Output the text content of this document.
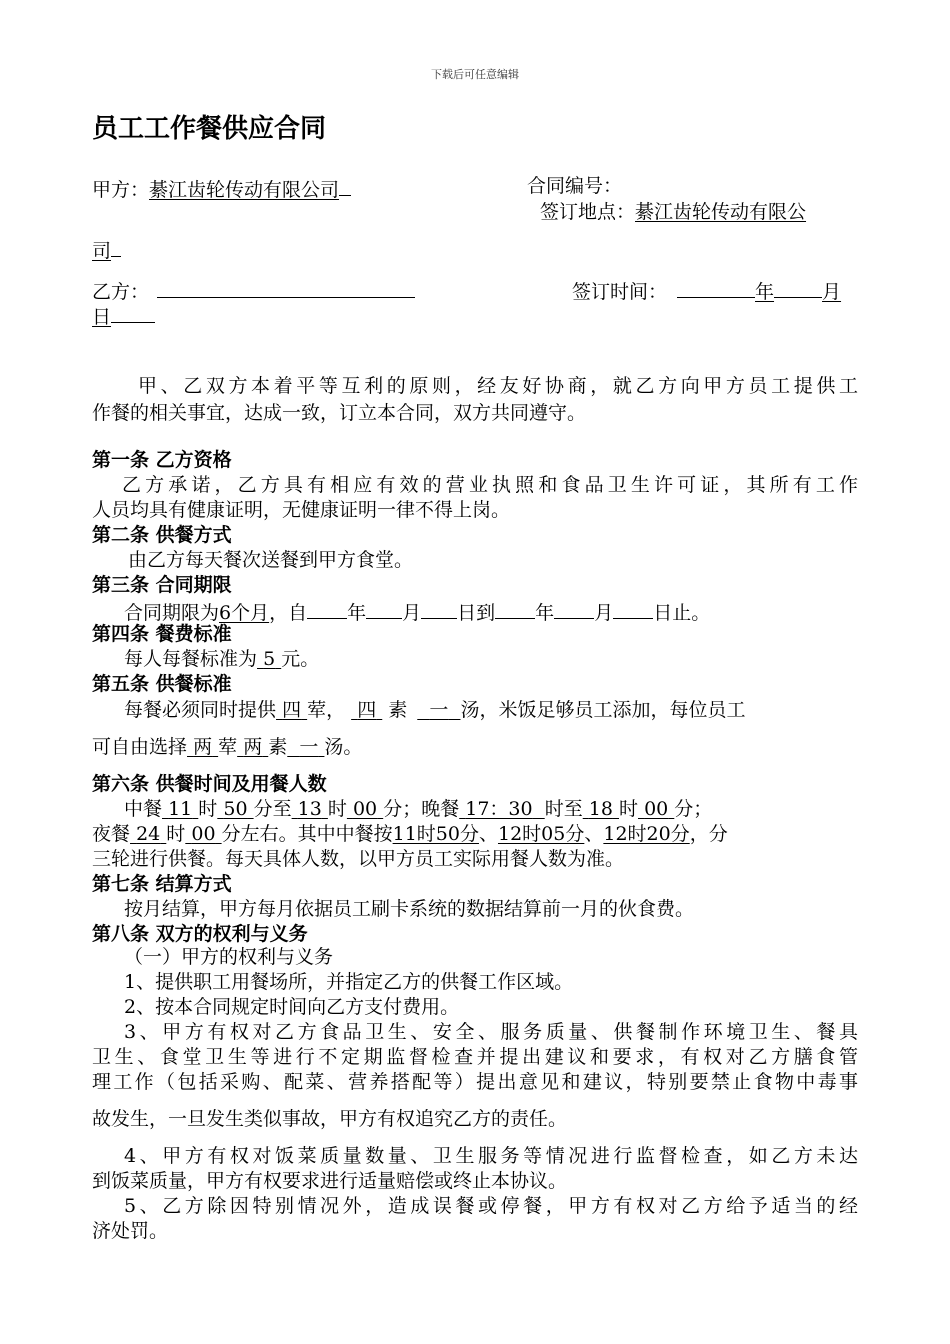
下载后可任意编辑
员工工作餐供应合同
甲方：綦江齿轮传动有限公司	合同编号：
签订地点：綦江齿轮传动有限公
司
乙方：	签订时间：	年	月
日
甲、乙双方本着平等互利的原则，经友好协商，就乙方向甲方员工提供工
作餐的相关事宜，达成一致，订立本合同，双方共同遵守。
第一条 乙方资格
乙方承诺，乙方具有相应有效的营业执照和食品卫生许可证，其所有工作
人员均具有健康证明，无健康证明一律不得上岗。
第二条 供餐方式
由乙方每天餐次送餐到甲方食堂。
第三条 合同期限
合同期限为6个月，自 年 月 日到 年 月 日止。
第四条 餐费标准
每人每餐标准为 5 元。
第五条 供餐标准
每餐必须同时提供 四 荤， 四 素 一 汤，米饭足够员工添加，每位员工
可自由选择 两 荤 两 素 一 汤。
第六条 供餐时间及用餐人数
中餐 11 时 50 分至 13 时 00 分；晚餐 17：30 时至 18 时 00 分；
夜餐 24 时 00 分左右。其中中餐按11时50分、12时05分、12时20分，分
三轮进行供餐。每天具体人数，以甲方员工实际用餐人数为准。
第七条 结算方式
按月结算，甲方每月依据员工刷卡系统的数据结算前一月的伙食费。
第八条 双方的权利与义务
（一）甲方的权利与义务
1、提供职工用餐场所，并指定乙方的供餐工作区域。
2、按本合同规定时间向乙方支付费用。
3、甲方有权对乙方食品卫生、安全、服务质量、供餐制作环境卫生、餐具
卫生、食堂卫生等进行不定期监督检查并提出建议和要求，有权对乙方膳食管
理工作（包括采购、配菜、营养搭配等）提出意见和建议，特别要禁止食物中毒事
故发生，一旦发生类似事故，甲方有权追究乙方的责任。
4、甲方有权对饭菜质量数量、卫生服务等情况进行监督检查，如乙方未达
到饭菜质量，甲方有权要求进行适量赔偿或终止本协议。
5、乙方除因特别情况外，造成误餐或停餐，甲方有权对乙方给予适当的经
济处罚。
